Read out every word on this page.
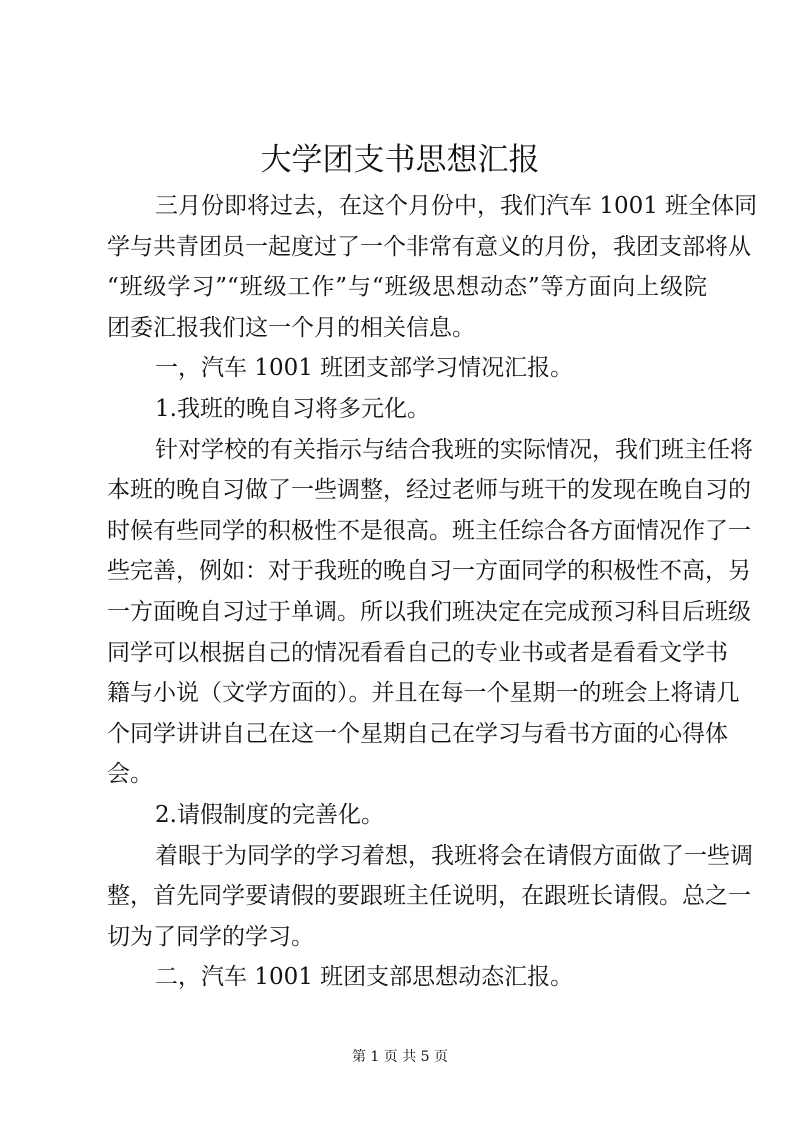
大学团支书思想汇报
三月份即将过去，在这个月份中，我们汽车 1001 班全体同
学与共青团员一起度过了一个非常有意义的月份，我团支部将从
“班级学习”“班级工作”与“班级思想动态”等方面向上级院
团委汇报我们这一个月的相关信息。
一，汽车 1001 班团支部学习情况汇报。
1.我班的晚自习将多元化。
针对学校的有关指示与结合我班的实际情况，我们班主任将
本班的晚自习做了一些调整，经过老师与班干的发现在晚自习的
时候有些同学的积极性不是很高。班主任综合各方面情况作了一
些完善，例如：对于我班的晚自习一方面同学的积极性不高，另
一方面晚自习过于单调。所以我们班决定在完成预习科目后班级
同学可以根据自己的情况看看自己的专业书或者是看看文学书
籍与小说（文学方面的）。并且在每一个星期一的班会上将请几
个同学讲讲自己在这一个星期自己在学习与看书方面的心得体
会。
2.请假制度的完善化。
着眼于为同学的学习着想，我班将会在请假方面做了一些调
整，首先同学要请假的要跟班主任说明，在跟班长请假。总之一
切为了同学的学习。
二，汽车 1001 班团支部思想动态汇报。
第 1 页 共 5 页
